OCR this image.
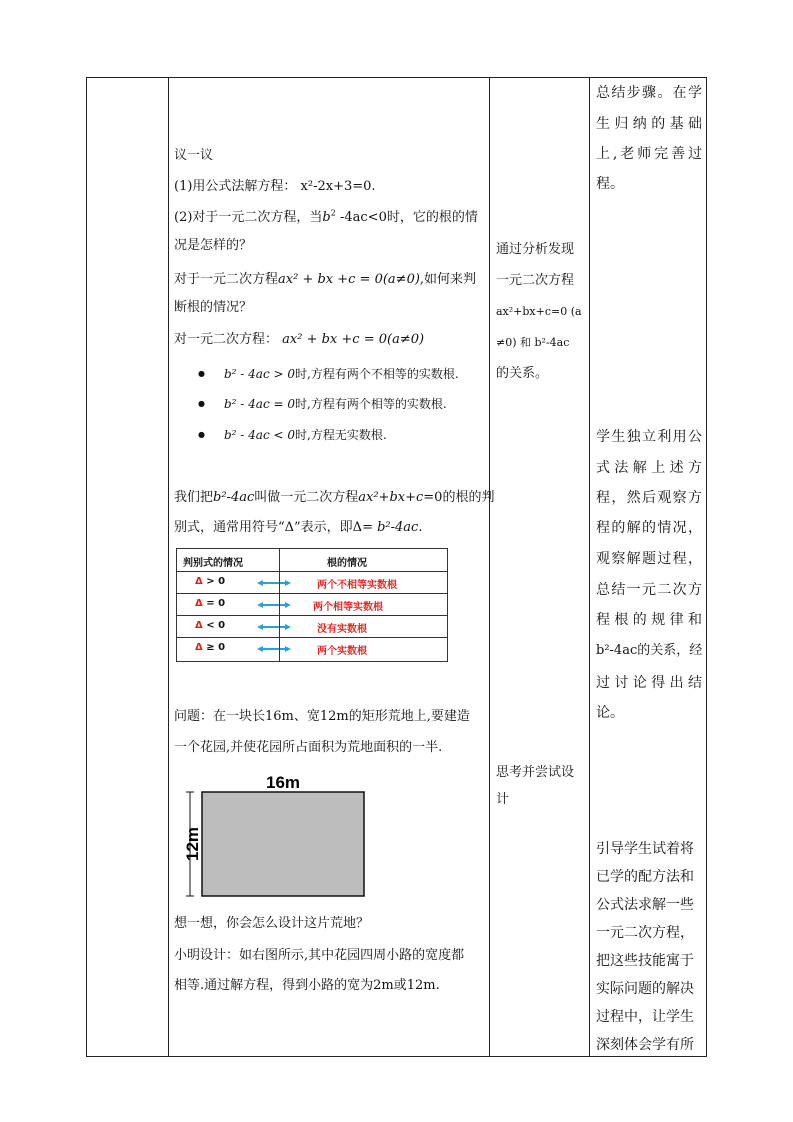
议一议
(1)用公式法解方程： x²-2x+3=0.
(2)对于一元二次方程，当$b^2$ -4ac<0时，它的根的情
况是怎样的？
对于一元二次方程ax² + bx +c = 0(a≠0),如何来判
断根的情况？
对一元二次方程： ax² + bx +c = 0(a≠0)
● b² - 4ac > 0时,方程有两个不相等的实数根.
● b² - 4ac = 0时,方程有两个相等的实数根.
● b² - 4ac < 0时,方程无实数根.
我们把b²-4ac叫做一元二次方程ax²+bx+c=0的根的判
别式，通常用符号“Δ”表示，即Δ= b²-4ac.
问题：在一块长16m、宽12m的矩形荒地上,要建造
一个花园,并使花园所占面积为荒地面积的一半.
想一想，你会怎么设计这片荒地？
小明设计：如右图所示,其中花园四周小路的宽度都
相等.通过解方程，得到小路的宽为2m或12m.
判别式的情况	根的情况
Δ > 0	两个不相等实数根
Δ = 0	两个相等实数根
Δ < 0	没有实数根
Δ ≥ 0	两个实数根
16m
12m
通过分析发现
一元二次方程
ax²+bx+c=0 (a
≠0) 和 b²-4ac
的关系。
思考并尝试设
计
总结步骤。在学
生归纳的基础
上,老师完善过
程。
学生独立利用公
式法解上述方
程，然后观察方
程的解的情况，
观察解题过程，
总结一元二次方
程根的规律和
b²-4ac的关系，经
过讨论得出结
论。
引导学生试着将
已学的配方法和
公式法求解一些
一元二次方程，
把这些技能寓于
实际问题的解决
过程中，让学生
深刻体会学有所
